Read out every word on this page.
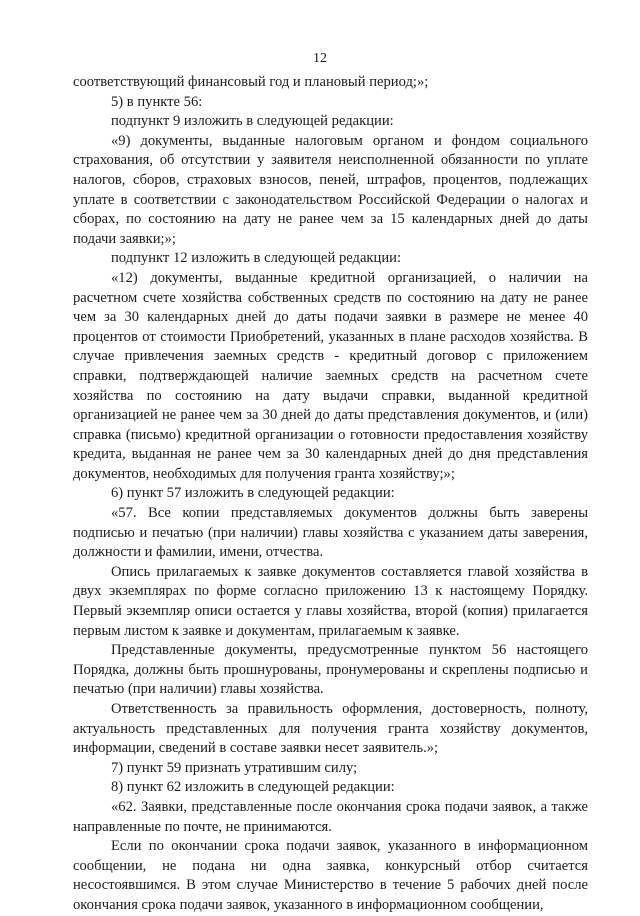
12

соответствующий финансовый год и плановый период;»;

5) в пункте 56:

подпункт 9 изложить в следующей редакции:

«9) документы, выданные налоговым органом и фондом социального страхования, об отсутствии у заявителя неисполненной обязанности по уплате налогов, сборов, страховых взносов, пеней, штрафов, процентов, подлежащих уплате в соответствии с законодательством Российской Федерации о налогах и сборах, по состоянию на дату не ранее чем за 15 календарных дней до даты подачи заявки;»;

подпункт 12 изложить в следующей редакции:

«12) документы, выданные кредитной организацией, о наличии на расчетном счете хозяйства собственных средств по состоянию на дату не ранее чем за 30 календарных дней до даты подачи заявки в размере не менее 40 процентов от стоимости Приобретений, указанных в плане расходов хозяйства. В случае привлечения заемных средств - кредитный договор с приложением справки, подтверждающей наличие заемных средств на расчетном счете хозяйства по состоянию на дату выдачи справки, выданной кредитной организацией не ранее чем за 30 дней до даты представления документов, и (или) справка (письмо) кредитной организации о готовности предоставления хозяйству кредита, выданная не ранее чем за 30 календарных дней до дня представления документов, необходимых для получения гранта хозяйству;»;

6) пункт 57 изложить в следующей редакции:

«57. Все копии представляемых документов должны быть заверены подписью и печатью (при наличии) главы хозяйства с указанием даты заверения, должности и фамилии, имени, отчества.

Опись прилагаемых к заявке документов составляется главой хозяйства в двух экземплярах по форме согласно приложению 13 к настоящему Порядку. Первый экземпляр описи остается у главы хозяйства, второй (копия) прилагается первым листом к заявке и документам, прилагаемым к заявке.

Представленные документы, предусмотренные пунктом 56 настоящего Порядка, должны быть прошнурованы, пронумерованы и скреплены подписью и печатью (при наличии) главы хозяйства.

Ответственность за правильность оформления, достоверность, полноту, актуальность представленных для получения гранта хозяйству документов, информации, сведений в составе заявки несет заявитель.»;

7) пункт 59 признать утратившим силу;

8) пункт 62 изложить в следующей редакции:

«62. Заявки, представленные после окончания срока подачи заявок, а также направленные по почте, не принимаются.

Если по окончании срока подачи заявок, указанного в информационном сообщении, не подана ни одна заявка, конкурсный отбор считается несостоявшимся. В этом случае Министерство в течение 5 рабочих дней после окончания срока подачи заявок, указанного в информационном сообщении,
